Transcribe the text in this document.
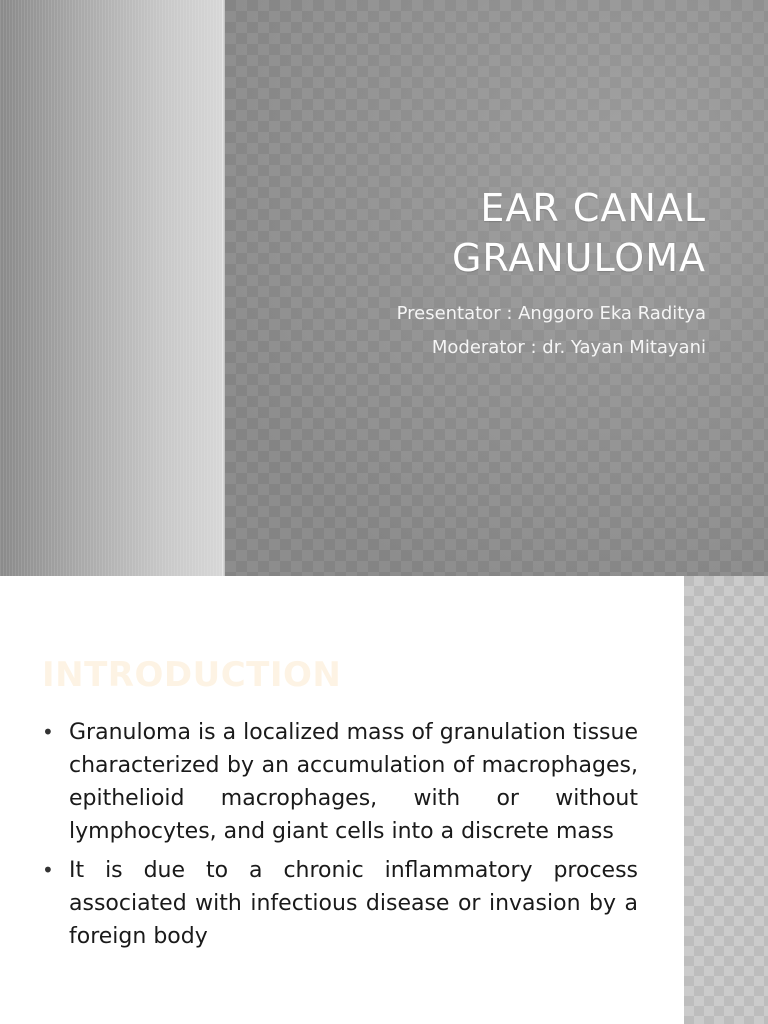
EAR CANAL
GRANULOMA
Presentator : Anggoro Eka Raditya
Moderator : dr. Yayan Mitayani
INTRODUCTION
• Granuloma is a localized mass of granulation tissue characterized by an accumulation of macrophages, epithelioid macrophages, with or without lymphocytes, and giant cells into a discrete mass
• It is due to a chronic inflammatory process associated with infectious disease or invasion by a foreign body
